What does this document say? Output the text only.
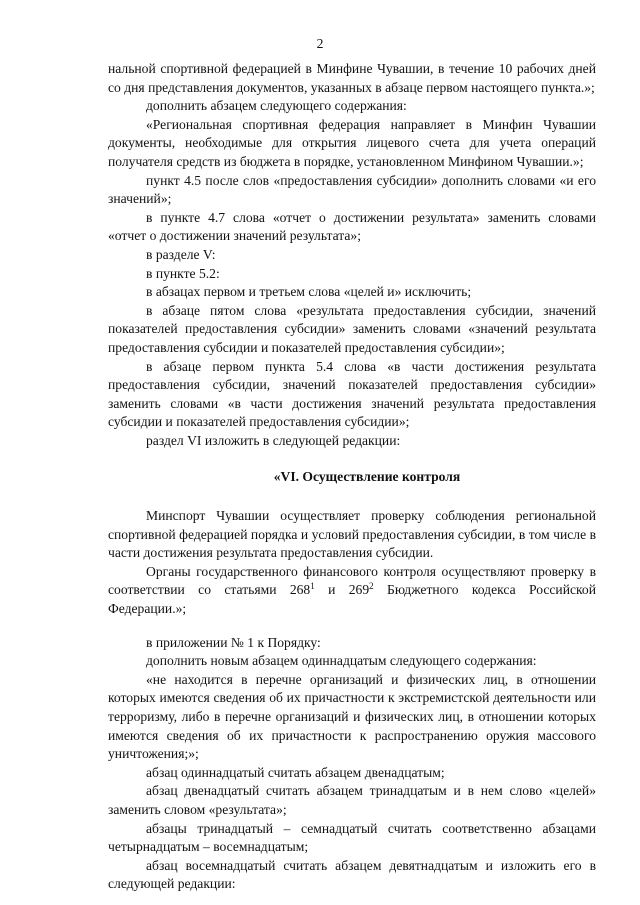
2

нальной спортивной федерацией в Минфине Чувашии, в течение 10 рабочих дней со дня представления документов, указанных в абзаце первом настоящего пункта.»;

дополнить абзацем следующего содержания:

«Региональная спортивная федерация направляет в Минфин Чувашии документы, необходимые для открытия лицевого счета для учета операций получателя средств из бюджета в порядке, установленном Минфином Чувашии.»;

пункт 4.5 после слов «предоставления субсидии» дополнить словами «и его значений»;

в пункте 4.7 слова «отчет о достижении результата» заменить словами «отчет о достижении значений результата»;

в разделе V:

в пункте 5.2:

в абзацах первом и третьем слова «целей и» исключить;

в абзаце пятом слова «результата предоставления субсидии, значений показателей предоставления субсидии» заменить словами «значений результата предоставления субсидии и показателей предоставления субсидии»;

в абзаце первом пункта 5.4 слова «в части достижения результата предоставления субсидии, значений показателей предоставления субсидии» заменить словами «в части достижения значений результата предоставления субсидии и показателей предоставления субсидии»;

раздел VI изложить в следующей редакции:

«VI. Осуществление контроля

Минспорт Чувашии осуществляет проверку соблюдения региональной спортивной федерацией порядка и условий предоставления субсидии, в том числе в части достижения результата предоставления субсидии.

Органы государственного финансового контроля осуществляют проверку в соответствии со статьями $268^1$ и $269^2$ Бюджетного кодекса Российской Федерации.»;

в приложении № 1 к Порядку:

дополнить новым абзацем одиннадцатым следующего содержания:

«не находится в перечне организаций и физических лиц, в отношении которых имеются сведения об их причастности к экстремистской деятельности или терроризму, либо в перечне организаций и физических лиц, в отношении которых имеются сведения об их причастности к распространению оружия массового уничтожения;»;

абзац одиннадцатый считать абзацем двенадцатым;

абзац двенадцатый считать абзацем тринадцатым и в нем слово «целей» заменить словом «результата»;

абзацы тринадцатый – семнадцатый считать соответственно абзацами четырнадцатым – восемнадцатым;

абзац восемнадцатый считать абзацем девятнадцатым и изложить его в следующей редакции:
